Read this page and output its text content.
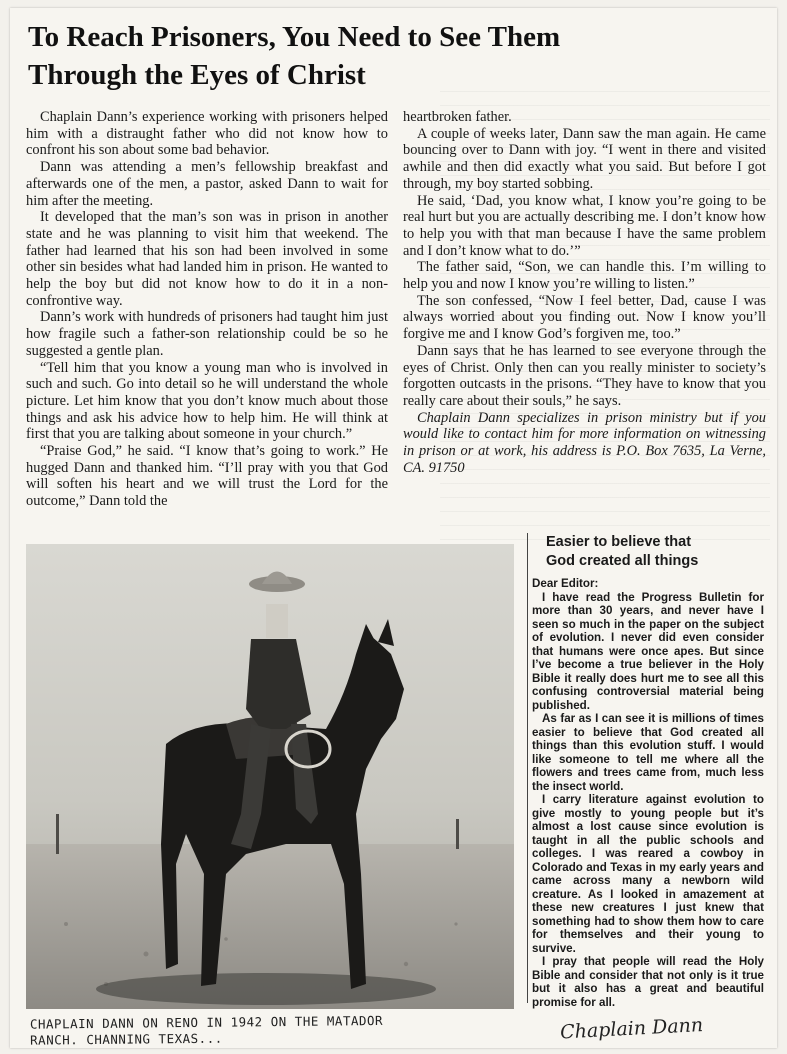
To Reach Prisoners, You Need to See Them
Through the Eyes of Christ

Chaplain Dann’s experience working with prisoners helped him with a distraught father who did not know how to confront his son about some bad behavior.

Dann was attending a men’s fellowship breakfast and afterwards one of the men, a pastor, asked Dann to wait for him after the meeting.

It developed that the man’s son was in prison in another state and he was planning to visit him that weekend. The father had learned that his son had been involved in some other sin besides what had landed him in prison. He wanted to help the boy but did not know how to do it in a non-confrontive way.

Dann’s work with hundreds of prisoners had taught him just how fragile such a father-son relationship could be so he suggested a gentle plan.

“Tell him that you know a young man who is involved in such and such. Go into detail so he will understand the whole picture. Let him know that you don’t know much about those things and ask his advice how to help him. He will think at first that you are talking about someone in your church.”

“Praise God,” he said. “I know that’s going to work.” He hugged Dann and thanked him. “I’ll pray with you that God will soften his heart and we will trust the Lord for the outcome,” Dann told the

heartbroken father.

A couple of weeks later, Dann saw the man again. He came bouncing over to Dann with joy. “I went in there and visited awhile and then did exactly what you said. But before I got through, my boy started sobbing.

He said, ‘Dad, you know what, I know you’re going to be real hurt but you are actually describing me. I don’t know how to help you with that man because I have the same problem and I don’t know what to do.’”

The father said, “Son, we can handle this. I’m willing to help you and now I know you’re willing to listen.”

The son confessed, “Now I feel better, Dad, cause I was always worried about you finding out. Now I know you’ll forgive me and I know God’s forgiven me, too.”

Dann says that he has learned to see everyone through the eyes of Christ. Only then can you really minister to society’s forgotten outcasts in the prisons. “They have to know that you really care about their souls,” he says.

Chaplain Dann specializes in prison ministry but if you would like to contact him for more information on witnessing in prison or at work, his address is P.O. Box 7635, La Verne, CA. 91750

CHAPLAIN DANN ON RENO IN 1942 ON THE MATADOR
RANCH. CHANNING TEXAS...
Easier to believe that
God created all things

Dear Editor:

I have read the Progress Bulletin for more than 30 years, and never have I seen so much in the paper on the subject of evolution. I never did even consider that humans were once apes. But since I’ve become a true believer in the Holy Bible it really does hurt me to see all this confusing controversial material being published.

As far as I can see it is millions of times easier to believe that God created all things than this evolution stuff. I would like someone to tell me where all the flowers and trees came from, much less the insect world.

I carry literature against evolution to give mostly to young people but it’s almost a lost cause since evolution is taught in all the public schools and colleges. I was reared a cowboy in Colorado and Texas in my early years and came across many a newborn wild creature. As I looked in amazement at these new creatures I just knew that something had to show them how to care for themselves and their young to survive.

I pray that people will read the Holy Bible and consider that not only is it true but it also has a great and beautiful promise for all.

Chaplain Dann
